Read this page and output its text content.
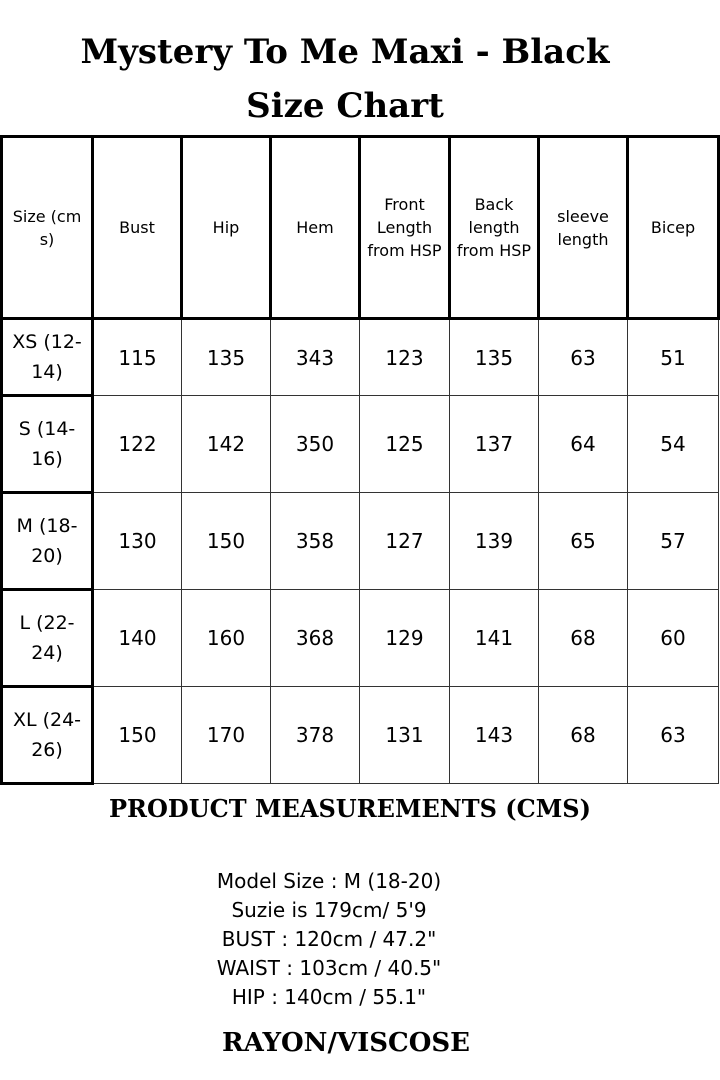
Mystery To Me Maxi - Black
Size Chart
Size (cm s)	Bust	Hip	Hem	Front Length from HSP	Back length from HSP	sleeve length	Bicep
XS (12-14)	115	135	343	123	135	63	51
S (14-16)	122	142	350	125	137	64	54
M (18-20)	130	150	358	127	139	65	57
L (22-24)	140	160	368	129	141	68	60
XL (24-26)	150	170	378	131	143	68	63
PRODUCT MEASUREMENTS (CMS)
Model Size : M (18-20)
Suzie is 179cm/ 5'9
BUST : 120cm / 47.2"
WAIST : 103cm / 40.5"
HIP : 140cm / 55.1"
RAYON/VISCOSE
